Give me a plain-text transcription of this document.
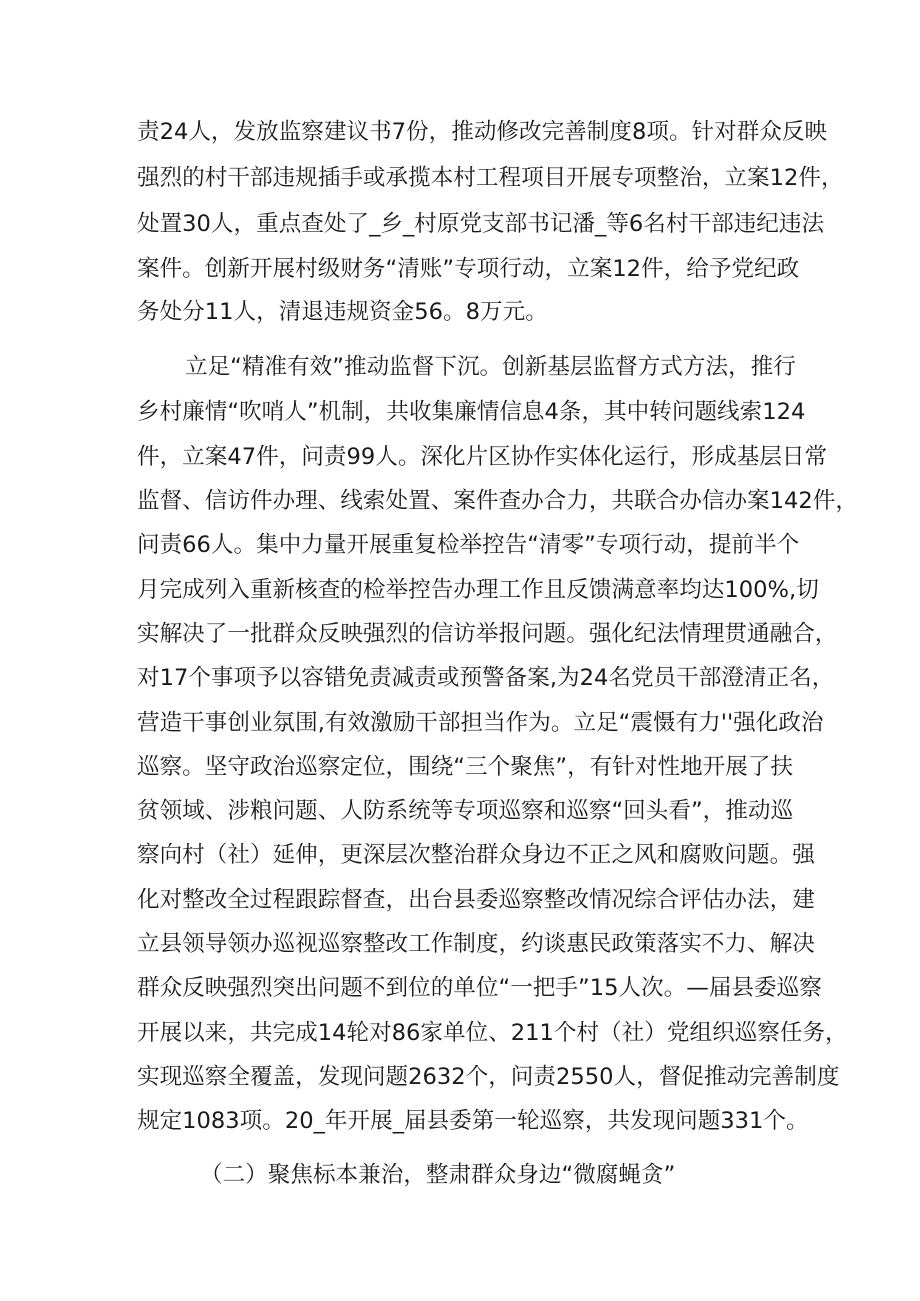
责24人，发放监察建议书7份，推动修改完善制度8项。针对群众反映
强烈的村干部违规插手或承揽本村工程项目开展专项整治，立案12件，
处置30人，重点查处了_乡_村原党支部书记潘_等6名村干部违纪违法
案件。创新开展村级财务“清账”专项行动，立案12件，给予党纪政
务处分11人，清退违规资金56。8万元。
立足“精准有效”推动监督下沉。创新基层监督方式方法，推行
乡村廉情“吹哨人”机制，共收集廉情信息4条，其中转问题线索124
件，立案47件，问责99人。深化片区协作实体化运行，形成基层日常
监督、信访件办理、线索处置、案件查办合力，共联合办信办案142件，
问责66人。集中力量开展重复检举控告“清零”专项行动，提前半个
月完成列入重新核查的检举控告办理工作且反馈满意率均达100%,切
实解决了一批群众反映强烈的信访举报问题。强化纪法情理贯通融合，
对17个事项予以容错免责减责或预警备案,为24名党员干部澄清正名，
营造干事创业氛围,有效激励干部担当作为。立足“震慑有力''强化政治
巡察。坚守政治巡察定位，围绕“三个聚焦”，有针对性地开展了扶
贫领域、涉粮问题、人防系统等专项巡察和巡察“回头看”，推动巡
察向村（社）延伸，更深层次整治群众身边不正之风和腐败问题。强
化对整改全过程跟踪督查，出台县委巡察整改情况综合评估办法，建
立县领导领办巡视巡察整改工作制度，约谈惠民政策落实不力、解决
群众反映强烈突出问题不到位的单位“一把手”15人次。—届县委巡察
开展以来，共完成14轮对86家单位、211个村（社）党组织巡察任务，
实现巡察全覆盖，发现问题2632个，问责2550人，督促推动完善制度
规定1083项。20_年开展_届县委第一轮巡察，共发现问题331个。
（二）聚焦标本兼治，整肃群众身边“微腐蝇贪”
